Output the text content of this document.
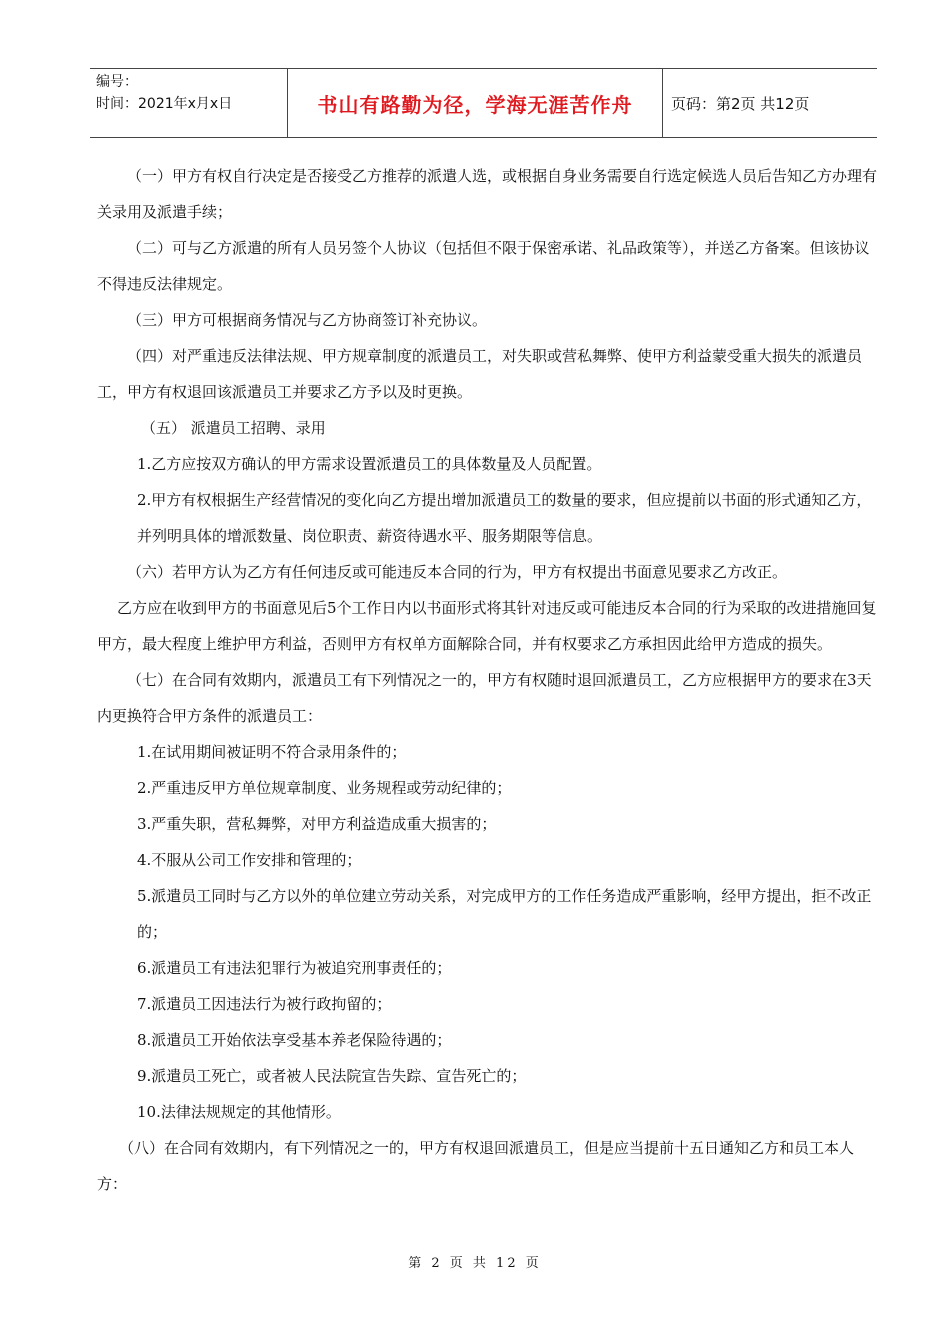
编号：
时间：2021年x月x日	书山有路勤为径，学海无涯苦作舟	页码：第2页 共12页

（一）甲方有权自行决定是否接受乙方推荐的派遣人选，或根据自身业务需要自行选定候选人员后告知乙方办理有关录用及派遣手续；

（二）可与乙方派遣的所有人员另签个人协议（包括但不限于保密承诺、礼品政策等），并送乙方备案。但该协议不得违反法律规定。

（三）甲方可根据商务情况与乙方协商签订补充协议。

（四）对严重违反法律法规、甲方规章制度的派遣员工，对失职或营私舞弊、使甲方利益蒙受重大损失的派遣员工，甲方有权退回该派遣员工并要求乙方予以及时更换。

（五） 派遣员工招聘、录用

1.乙方应按双方确认的甲方需求设置派遣员工的具体数量及人员配置。

2.甲方有权根据生产经营情况的变化向乙方提出增加派遣员工的数量的要求，但应提前以书面的形式通知乙方，并列明具体的增派数量、岗位职责、薪资待遇水平、服务期限等信息。

（六）若甲方认为乙方有任何违反或可能违反本合同的行为，甲方有权提出书面意见要求乙方改正。

乙方应在收到甲方的书面意见后5个工作日内以书面形式将其针对违反或可能违反本合同的行为采取的改进措施回复甲方，最大程度上维护甲方利益，否则甲方有权单方面解除合同，并有权要求乙方承担因此给甲方造成的损失。

（七）在合同有效期内，派遣员工有下列情况之一的，甲方有权随时退回派遣员工，乙方应根据甲方的要求在3天内更换符合甲方条件的派遣员工：

1.在试用期间被证明不符合录用条件的；

2.严重违反甲方单位规章制度、业务规程或劳动纪律的；

3.严重失职，营私舞弊，对甲方利益造成重大损害的；

4.不服从公司工作安排和管理的；

5.派遣员工同时与乙方以外的单位建立劳动关系，对完成甲方的工作任务造成严重影响，经甲方提出，拒不改正的；

6.派遣员工有违法犯罪行为被追究刑事责任的；

7.派遣员工因违法行为被行政拘留的；

8.派遣员工开始依法享受基本养老保险待遇的；

9.派遣员工死亡，或者被人民法院宣告失踪、宣告死亡的；

10.法律法规规定的其他情形。

（八）在合同有效期内，有下列情况之一的，甲方有权退回派遣员工，但是应当提前十五日通知乙方和员工本人方：

第 2 页 共 12 页
